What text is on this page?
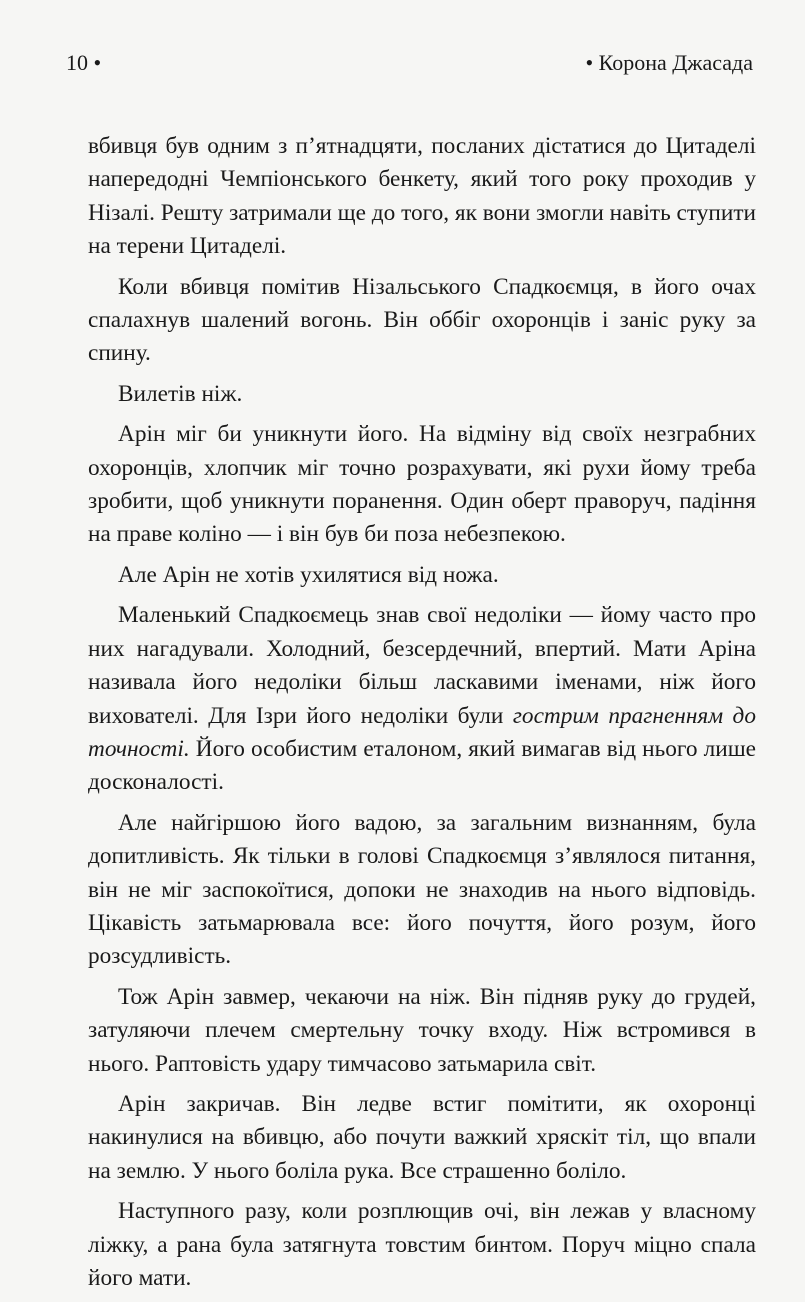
10 •	• Корона Джасада

вбивця був одним з п’ятнадцяти, посланих дістатися до Цитаделі напередодні Чемпіонського бенкету, який того року проходив у Нізалі. Решту затримали ще до того, як вони змогли навіть ступити на терени Цитаделі.

Коли вбивця помітив Нізальського Спадкоємця, в його очах спалахнув шалений вогонь. Він оббіг охоронців і заніс руку за спину.

Вилетів ніж.

Арін міг би уникнути його. На відміну від своїх незграбних охоронців, хлопчик міг точно розрахувати, які рухи йому треба зробити, щоб уникнути поранення. Один оберт праворуч, падіння на праве коліно — і він був би поза небезпекою.

Але Арін не хотів ухилятися від ножа.

Маленький Спадкоємець знав свої недоліки — йому часто про них нагадували. Холодний, безсердечний, впертий. Мати Аріна називала його недоліки більш ласкавими іменами, ніж його вихователі. Для Ізри його недоліки були гострим прагненням до точності. Його особистим еталоном, який вимагав від нього лише досконалості.

Але найгіршою його вадою, за загальним визнанням, була допитливість. Як тільки в голові Спадкоємця з’являлося питання, він не міг заспокоїтися, допоки не знаходив на нього відповідь. Цікавість затьмарювала все: його почуття, його розум, його розсудливість.

Тож Арін завмер, чекаючи на ніж. Він підняв руку до грудей, затуляючи плечем смертельну точку входу. Ніж встромився в нього. Раптовість удару тимчасово затьмарила світ.

Арін закричав. Він ледве встиг помітити, як охоронці накинулися на вбивцю, або почути важкий хряскіт тіл, що впали на землю. У нього боліла рука. Все страшенно боліло.

Наступного разу, коли розплющив очі, він лежав у власному ліжку, а рана була затягнута товстим бинтом. Поруч міцно спала його мати.
